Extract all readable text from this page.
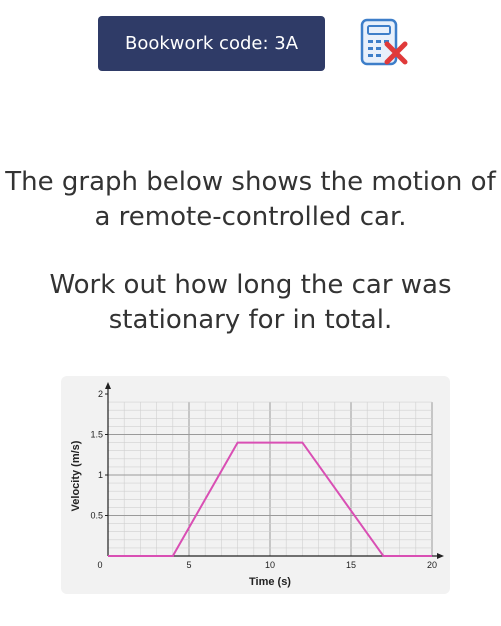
Bookwork code: 3A
The graph below shows the motion of
a remote-controlled car.
Work out how long the car was
stationary for in total.
0	5	10	15	20
0.5
1
1.5
2
Time (s)
Velocity (m/s)
